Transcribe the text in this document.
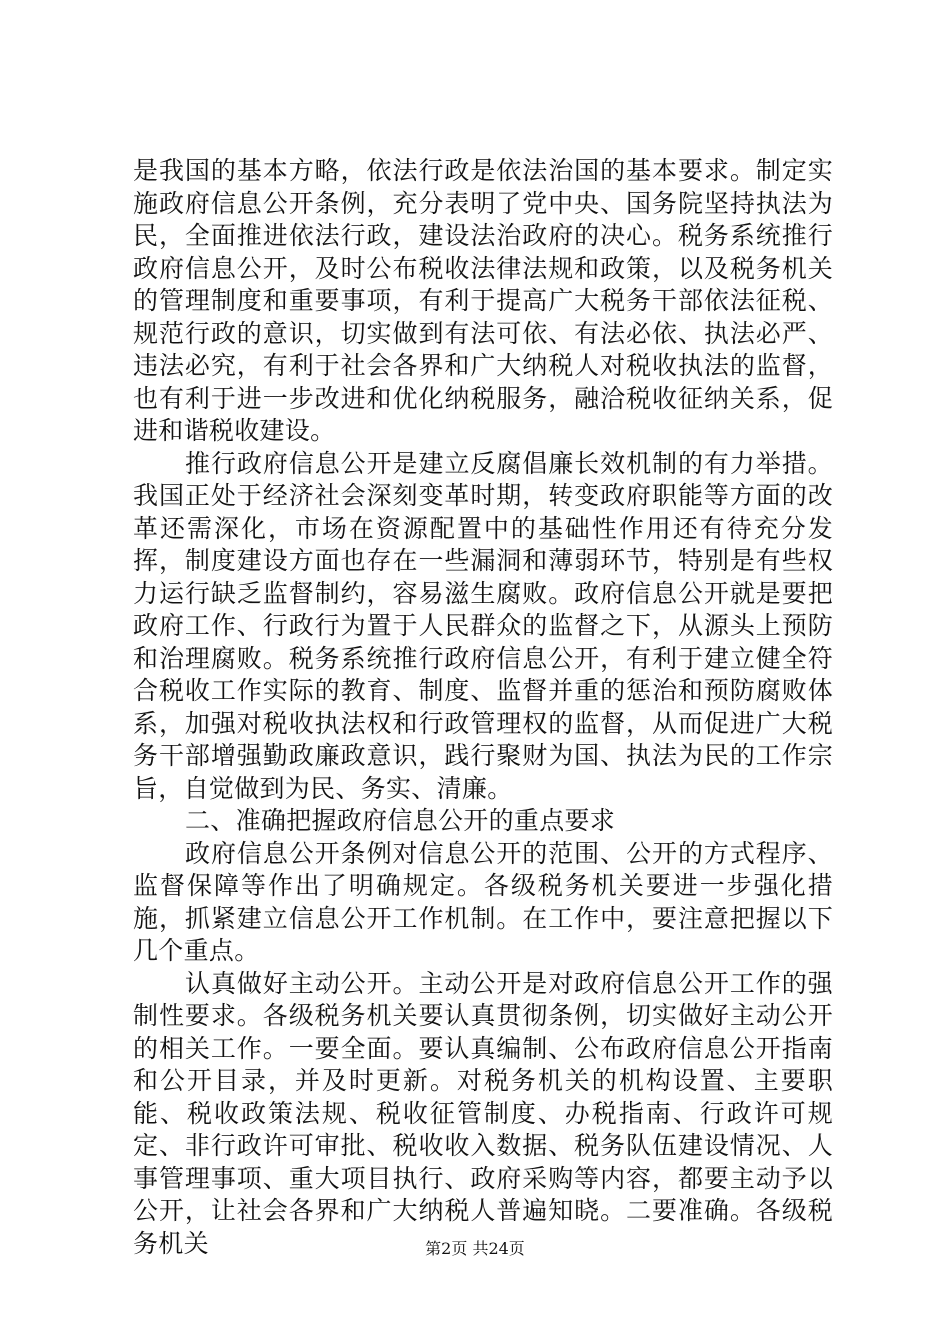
是我国的基本方略，依法行政是依法治国的基本要求。制定实施政府信息公开条例，充分表明了党中央、国务院坚持执法为民，全面推进依法行政，建设法治政府的决心。税务系统推行政府信息公开，及时公布税收法律法规和政策，以及税务机关的管理制度和重要事项，有利于提高广大税务干部依法征税、规范行政的意识，切实做到有法可依、有法必依、执法必严、违法必究，有利于社会各界和广大纳税人对税收执法的监督，也有利于进一步改进和优化纳税服务，融洽税收征纳关系，促进和谐税收建设。

推行政府信息公开是建立反腐倡廉长效机制的有力举措。我国正处于经济社会深刻变革时期，转变政府职能等方面的改革还需深化，市场在资源配置中的基础性作用还有待充分发挥，制度建设方面也存在一些漏洞和薄弱环节，特别是有些权力运行缺乏监督制约，容易滋生腐败。政府信息公开就是要把政府工作、行政行为置于人民群众的监督之下，从源头上预防和治理腐败。税务系统推行政府信息公开，有利于建立健全符合税收工作实际的教育、制度、监督并重的惩治和预防腐败体系，加强对税收执法权和行政管理权的监督，从而促进广大税务干部增强勤政廉政意识，践行聚财为国、执法为民的工作宗旨，自觉做到为民、务实、清廉。

二、准确把握政府信息公开的重点要求

政府信息公开条例对信息公开的范围、公开的方式程序、监督保障等作出了明确规定。各级税务机关要进一步强化措施，抓紧建立信息公开工作机制。在工作中，要注意把握以下几个重点。

认真做好主动公开。主动公开是对政府信息公开工作的强制性要求。各级税务机关要认真贯彻条例，切实做好主动公开的相关工作。一要全面。要认真编制、公布政府信息公开指南和公开目录，并及时更新。对税务机关的机构设置、主要职能、税收政策法规、税收征管制度、办税指南、行政许可规定、非行政许可审批、税收收入数据、税务队伍建设情况、人事管理事项、重大项目执行、政府采购等内容，都要主动予以公开，让社会各界和广大纳税人普遍知晓。二要准确。各级税务机关	第2页 共24页
